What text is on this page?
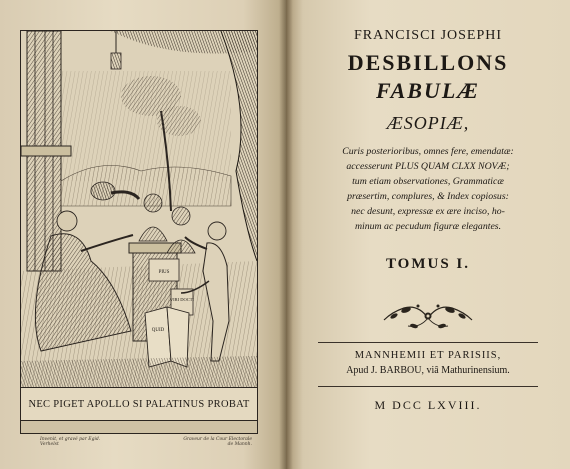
PIUS
VIRI DOCTI
QUID
NEC PIGET APOLLO SI PALATINUS PROBAT
Invenit, et gravé par Egid. Verhelst
Graveur de la Cour Electorale de Mannh.
FRANCISCI JOSEPHI
DESBILLONS
FABULÆ
ÆSOPIÆ,
Curis posterioribus, omnes fere, emendatæ:
accesserunt PLUS QUAM CLXX NOVÆ;
tum etiam observationes, Grammaticæ
præsertim, complures, & Index copiosus:
nec desunt, expressæ ex ære inciso, ho-
minum ac pecudum figuræ elegantes.
TOMUS I.
MANNHEMII ET PARISIIS,
Apud J. BARBOU, viâ Mathurinensium.
M DCC LXVIII.
